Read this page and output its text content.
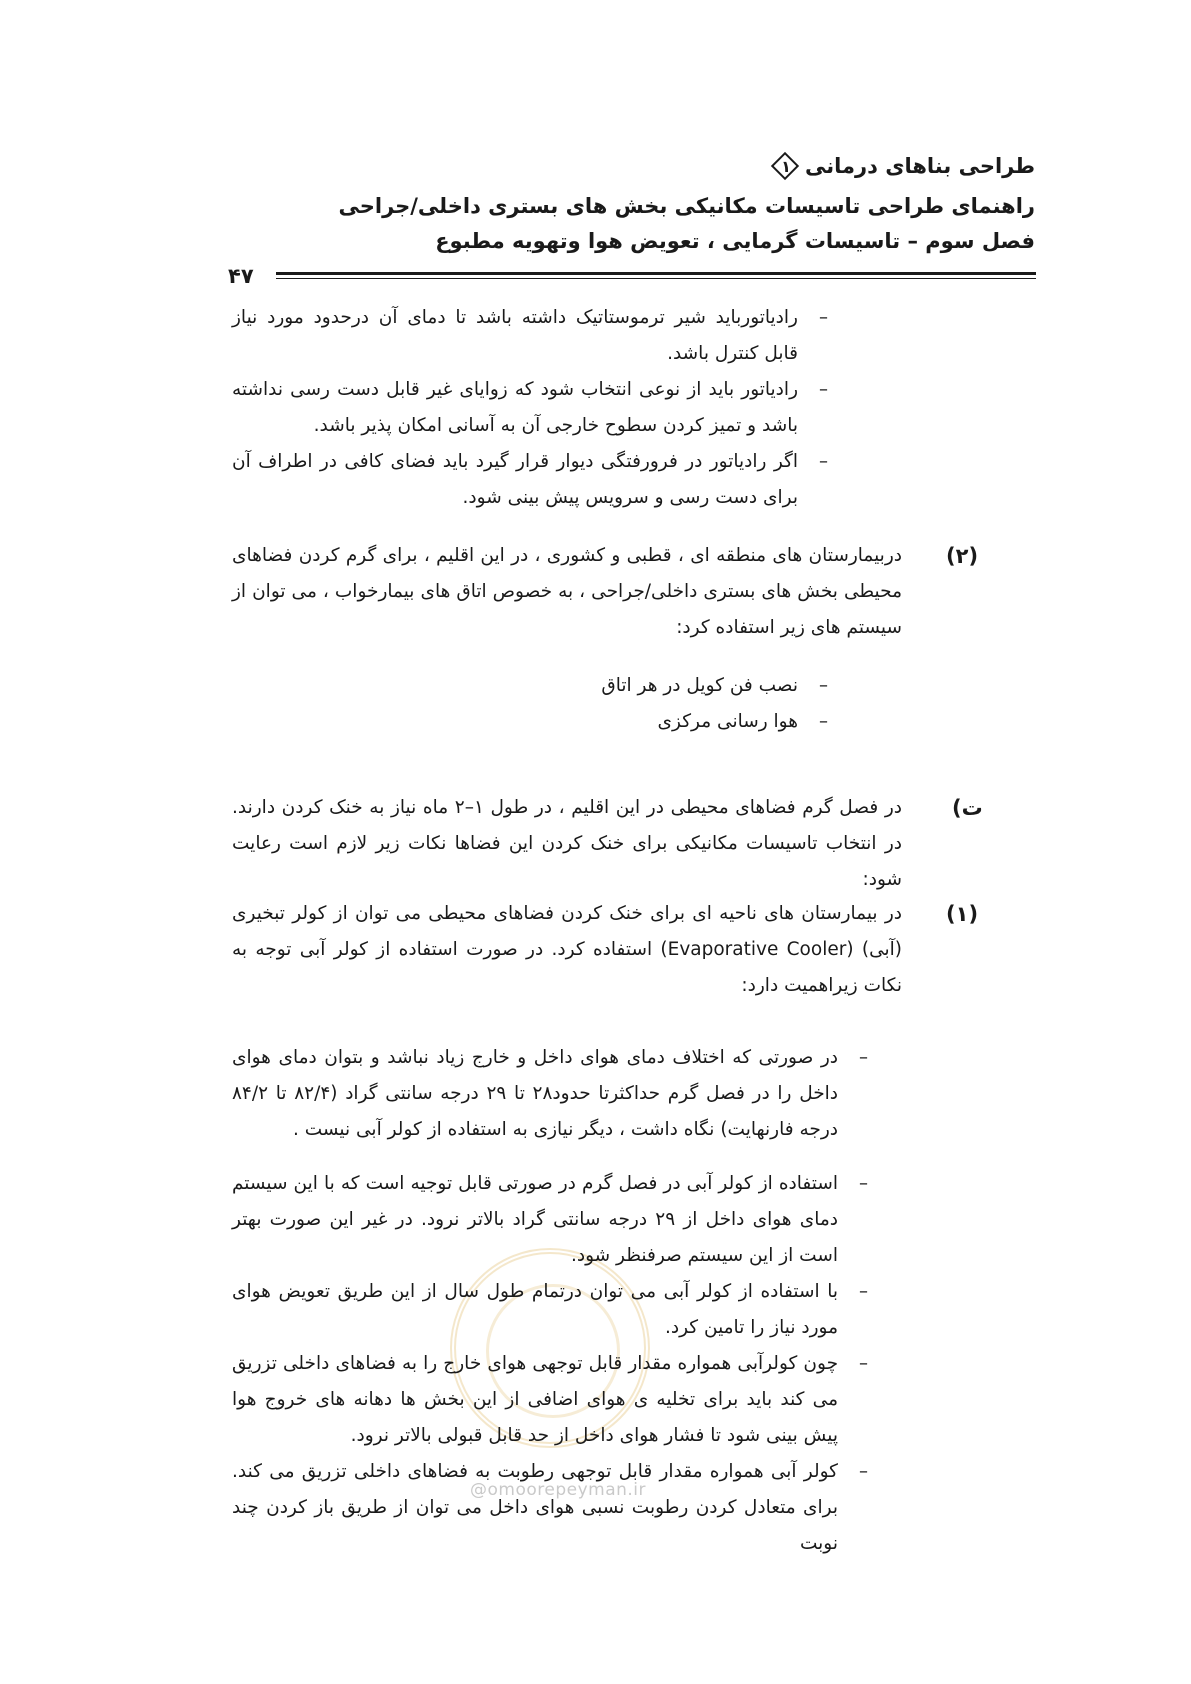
طراحی بناهای درمانی
۱
راهنمای طراحی تاسیسات مکانیکی بخش های بستری داخلی/جراحی
فصل سوم – تاسیسات گرمایی ، تعویض هوا وتهویه مطبوع
۴۷
–
رادیاتورباید شیر ترموستاتیک داشته باشد تا دمای آن درحدود مورد نیاز قابل کنترل باشد.
–
رادیاتور باید از نوعی انتخاب شود که زوایای غیر قابل دست رسی نداشته باشد و تمیز کردن سطوح خارجی آن به آسانی امکان پذیر باشد.
–
اگر رادیاتور در فرورفتگی دیوار قرار گیرد باید فضای کافی در اطراف آن برای دست رسی و سرویس پیش بینی شود.
(۲)
دربیمارستان های منطقه ای ، قطبی و کشوری ، در این اقلیم ، برای گرم کردن فضاهای محیطی بخش های بستری داخلی/جراحی ، به خصوص اتاق های بیمارخواب ، می توان از سیستم های زیر استفاده کرد:
–
نصب فن کویل در هر اتاق
–
هوا رسانی مرکزی
ت)
در فصل گرم فضاهای محیطی در این اقلیم ، در طول ۱–۲ ماه نیاز به خنک کردن دارند. در انتخاب تاسیسات مکانیکی برای خنک کردن این فضاها نکات زیر لازم است رعایت شود:
(۱)
در بیمارستان های ناحیه ای برای خنک کردن فضاهای محیطی می توان از کولر تبخیری (آبی) (Evaporative Cooler) استفاده کرد. در صورت استفاده از کولر آبی توجه به نکات زیراهمیت دارد:
–
در صورتی که اختلاف دمای هوای داخل و خارج زیاد نباشد و بتوان دمای هوای داخل را در فصل گرم حداکثرتا حدود۲۸ تا ۲۹ درجه سانتی گراد (۸۲/۴ تا ۸۴/۲ درجه فارنهایت) نگاه داشت ، دیگر نیازی به استفاده از کولر آبی نیست .
–
استفاده از کولر آبی در فصل گرم در صورتی قابل توجیه است که با این سیستم دمای هوای داخل از ۲۹ درجه سانتی گراد بالاتر نرود. در غیر این صورت بهتر است از این سیستم صرفنظر شود.
–
با استفاده از کولر آبی می توان درتمام طول سال از این طریق تعویض هوای مورد نیاز را تامین کرد.
–
چون کولرآبی همواره مقدار قابل توجهی هوای خارج را به فضاهای داخلی تزریق می کند باید برای تخلیه ی هوای اضافی از این بخش ها دهانه های خروج هوا پیش بینی شود تا فشار هوای داخل از حد قابل قبولی بالاتر نرود.
–
کولر آبی همواره مقدار قابل توجهی رطوبت به فضاهای داخلی تزریق می کند. برای متعادل کردن رطوبت نسبی هوای داخل می توان از طریق باز کردن چند نوبت
@omoorepeyman.ir
